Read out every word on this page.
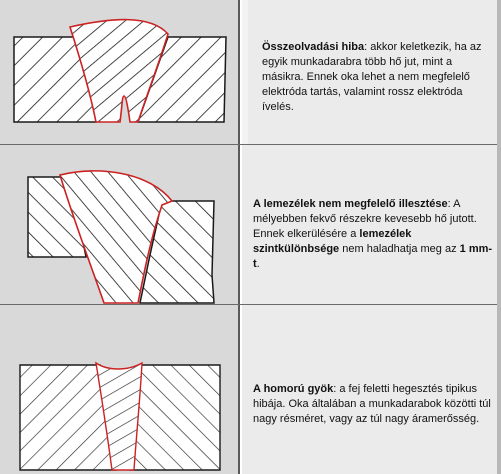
Összeolvadási hiba: akkor keletkezik, ha az egyik munkadarabra több hő jut, mint a másikra. Ennek oka lehet a nem megfelelő elektróda tartás, valamint rossz elektróda ívelés.
A lemezélek nem megfelelő illesztése: A mélyebben fekvő részekre kevesebb hő jutott. Ennek elkerülésére a lemezélek szintkülönbsége nem haladhatja meg az 1 mm-t.
A homorú gyök: a fej feletti hegesztés tipikus hibája. Oka általában a munkadarabok közötti túl nagy résméret, vagy az túl nagy áramerősség.
